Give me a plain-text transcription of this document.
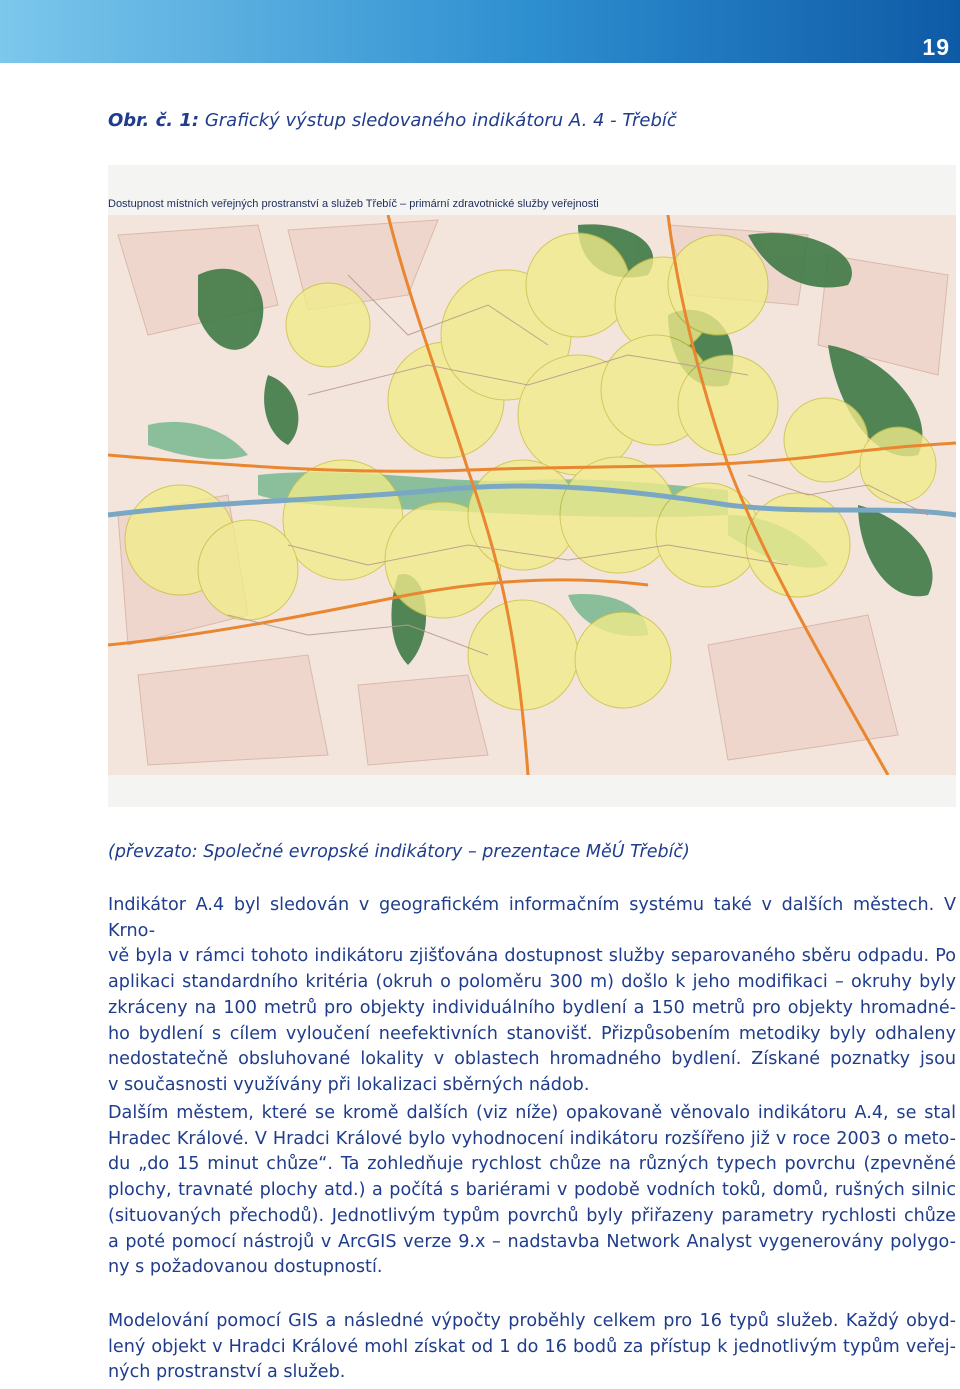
19
Obr. č. 1: Grafický výstup sledovaného indikátoru A. 4 - Třebíč
Dostupnost místních veřejných prostranství a služeb Třebíč – primární zdravotnické služby veřejnosti
(převzato: Společné evropské indikátory – prezentace MěÚ Třebíč)

Indikátor A.4 byl sledován v geografickém informačním systému také v dalších městech. V Krno-
vě byla v rámci tohoto indikátoru zjišťována dostupnost služby separovaného sběru odpadu. Po
aplikaci standardního kritéria (okruh o poloměru 300 m) došlo k jeho modifikaci – okruhy byly
zkráceny na 100 metrů pro objekty individuálního bydlení a 150 metrů pro objekty hromadné-
ho bydlení s cílem vyloučení neefektivních stanovišť. Přizpůsobením metodiky byly odhaleny
nedostatečně obsluhované lokality v oblastech hromadného bydlení. Získané poznatky jsou
v současnosti využívány při lokalizaci sběrných nádob.

Dalším městem, které se kromě dalších (viz níže) opakovaně věnovalo indikátoru A.4, se stal
Hradec Králové. V Hradci Králové bylo vyhodnocení indikátoru rozšířeno již v roce 2003 o meto-
du „do 15 minut chůze“. Ta zohledňuje rychlost chůze na různých typech povrchu (zpevněné
plochy, travnaté plochy atd.) a počítá s bariérami v podobě vodních toků, domů, rušných silnic
(situovaných přechodů). Jednotlivým typům povrchů byly přiřazeny parametry rychlosti chůze
a poté pomocí nástrojů v ArcGIS verze 9.x – nadstavba Network Analyst vygenerovány polygo-
ny s požadovanou dostupností.

Modelování pomocí GIS a následné výpočty proběhly celkem pro 16 typů služeb. Každý obyd-
lený objekt v Hradci Králové mohl získat od 1 do 16 bodů za přístup k jednotlivým typům veřej-
ných prostranství a služeb.
